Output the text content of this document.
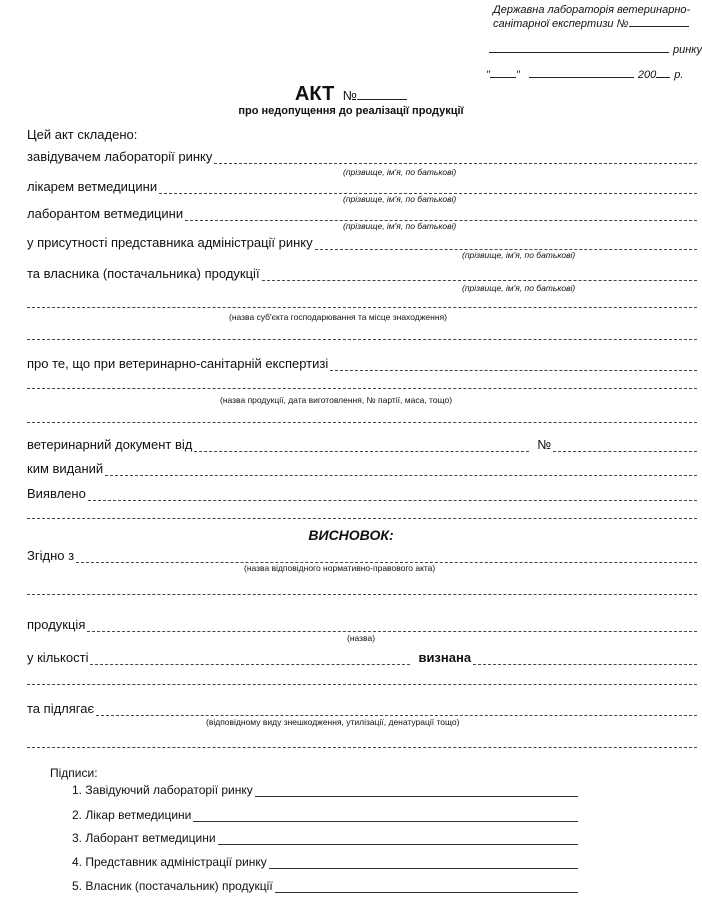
Державна лабораторія ветеринарно-
санітарної експертизи №
ринку
" "	200 р.
АКТ №
про недопущення до реалізації продукції
Цей акт складено:
завідувачем лабораторії ринку
(прізвище, ім'я, по батькові)
лікарем ветмедицини
(прізвище, ім'я, по батькові)
лаборантом ветмедицини
(прізвище, ім'я, по батькові)
у присутності представника адміністрації ринку
(прізвище, ім'я, по батькові)
та власника (постачальника) продукції
(прізвище, ім'я, по батькові)
(назва суб'єкта господарювання та місце знаходження)
про те, що при ветеринарно-санітарній експертизі
(назва продукції, дата виготовлення, № партії, маса, тощо)
ветеринарний документ від	№
ким виданий
Виявлено
ВИСНОВОК:
Згідно з
(назва відповідного нормативно-правового акта)
продукція
(назва)
у кількості	визнана
та підлягає
(відповідному виду знешкодження, утилізації, денатурації тощо)
Підписи:
1. Завідуючий лабораторії ринку
2. Лікар ветмедицини
3. Лаборант ветмедицини
4. Представник адміністрації ринку
5. Власник (постачальник) продукції
